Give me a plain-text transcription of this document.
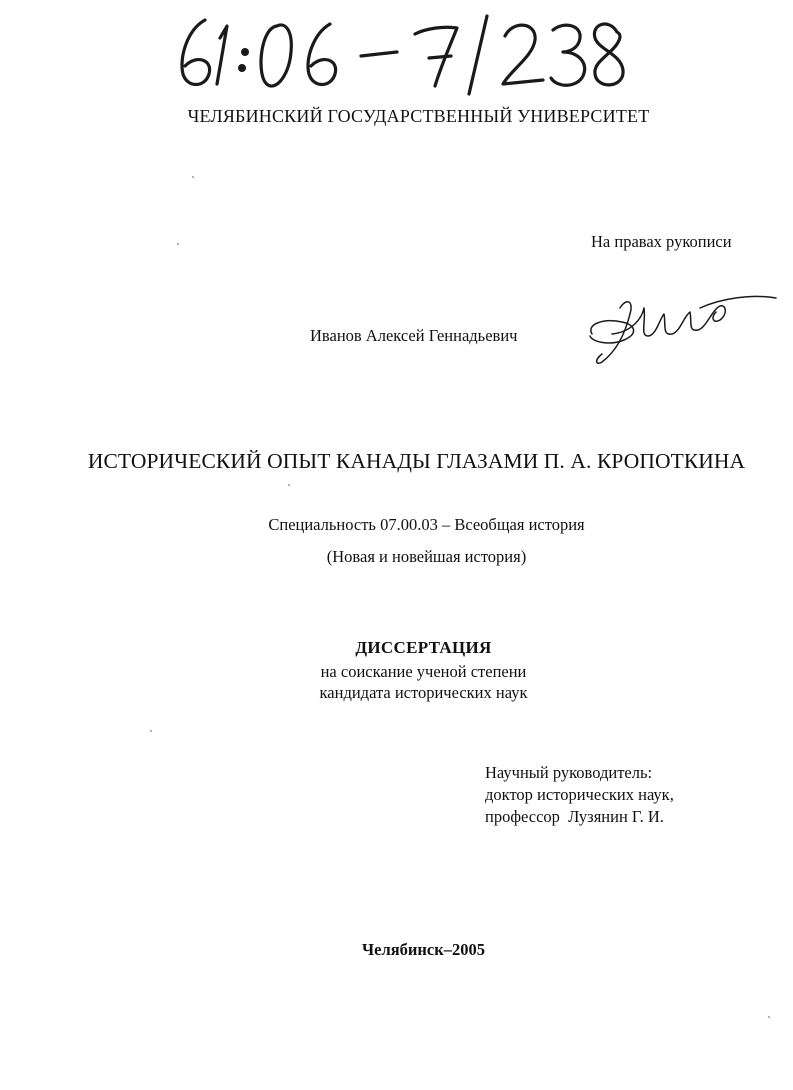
ЧЕЛЯБИНСКИЙ ГОСУДАРСТВЕННЫЙ УНИВЕРСИТЕТ
На правах рукописи
Иванов Алексей Геннадьевич
ИСТОРИЧЕСКИЙ ОПЫТ КАНАДЫ ГЛАЗАМИ П. А. КРОПОТКИНА
Специальность 07.00.03 – Всеобщая история
(Новая и новейшая история)
ДИССЕРТАЦИЯ
на соискание ученой степени
кандидата исторических наук
Научный руководитель:
доктор исторических наук,
профессор  Лузянин Г. И.
Челябинск–2005
